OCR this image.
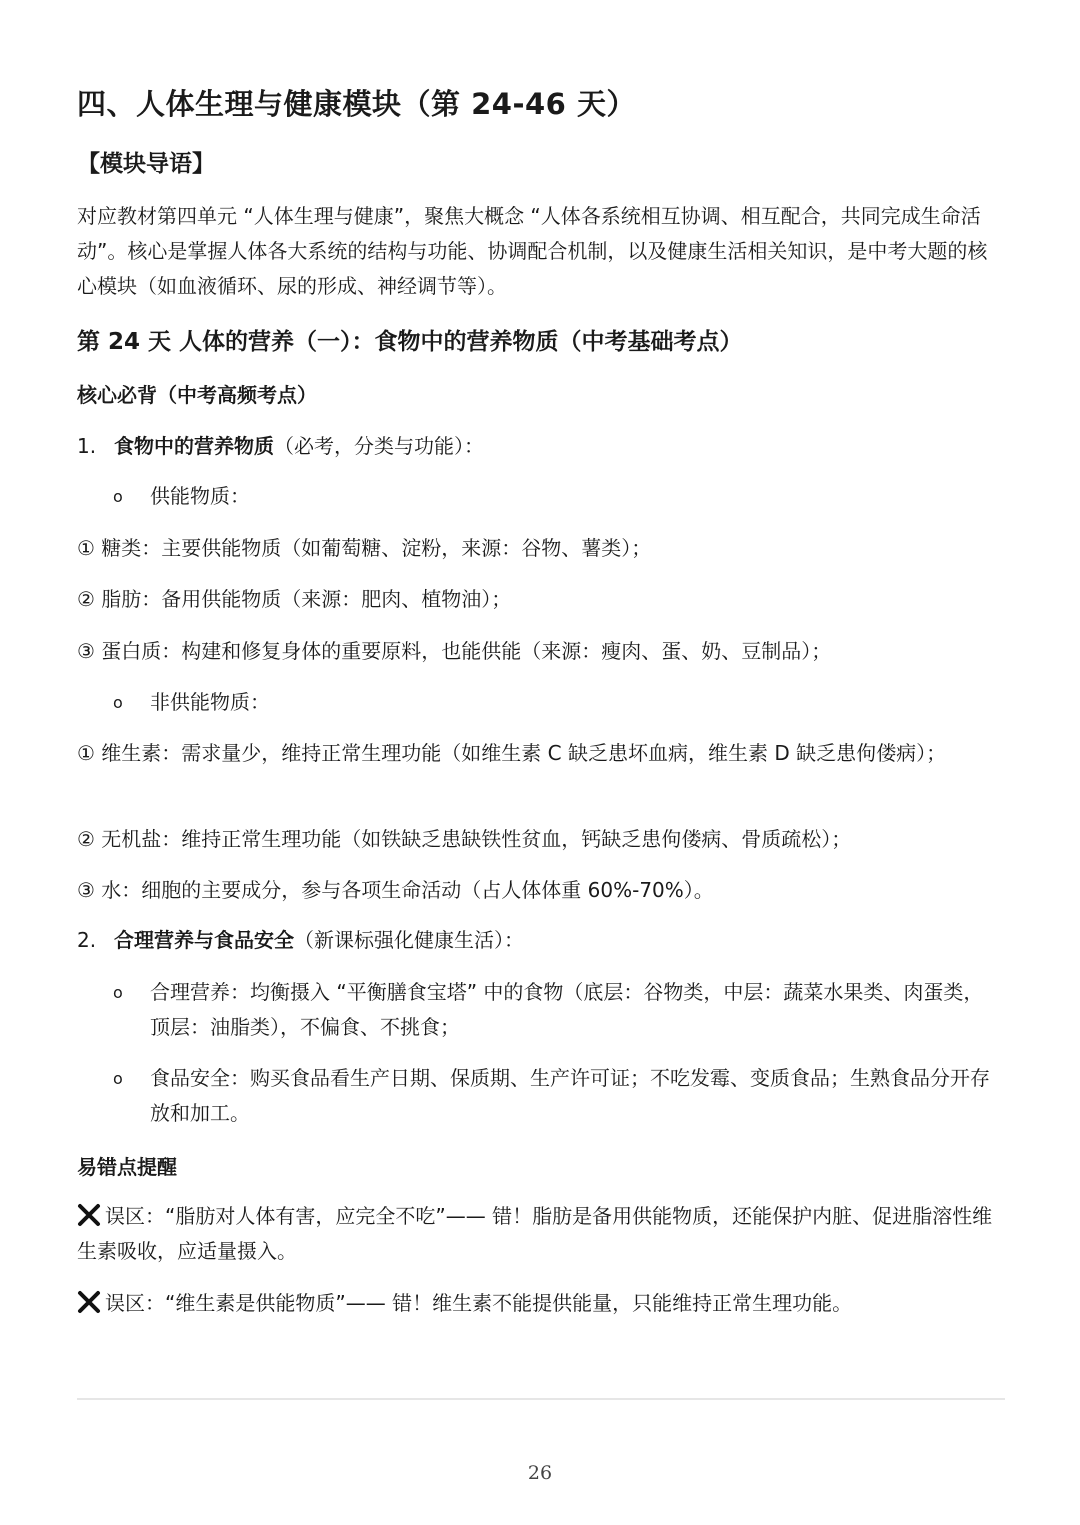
四、人体生理与健康模块（第 24-46 天）
【模块导语】
对应教材第四单元 “人体生理与健康”，聚焦大概念 “人体各系统相互协调、相互配合，共同完成生命活动”。核心是掌握人体各大系统的结构与功能、协调配合机制，以及健康生活相关知识，是中考大题的核心模块（如血液循环、尿的形成、神经调节等）。
第 24 天 人体的营养（一）：食物中的营养物质（中考基础考点）
核心必背（中考高频考点）
1. 食物中的营养物质（必考，分类与功能）：
o 供能物质：
① 糖类：主要供能物质（如葡萄糖、淀粉，来源：谷物、薯类）；
② 脂肪：备用供能物质（来源：肥肉、植物油）；
③ 蛋白质：构建和修复身体的重要原料，也能供能（来源：瘦肉、蛋、奶、豆制品）；
o 非供能物质：
① 维生素：需求量少，维持正常生理功能（如维生素 C 缺乏患坏血病，维生素 D 缺乏患佝偻病）；
② 无机盐：维持正常生理功能（如铁缺乏患缺铁性贫血，钙缺乏患佝偻病、骨质疏松）；
③ 水：细胞的主要成分，参与各项生命活动（占人体体重 60%-70%）。
2. 合理营养与食品安全（新课标强化健康生活）：
o 合理营养：均衡摄入 “平衡膳食宝塔” 中的食物（底层：谷物类，中层：蔬菜水果类、肉蛋类，顶层：油脂类），不偏食、不挑食；
o 食品安全：购买食品看生产日期、保质期、生产许可证；不吃发霉、变质食品；生熟食品分开存放和加工。
易错点提醒
误区：“脂肪对人体有害，应完全不吃”—— 错！脂肪是备用供能物质，还能保护内脏、促进脂溶性维生素吸收，应适量摄入。
误区：“维生素是供能物质”—— 错！维生素不能提供能量，只能维持正常生理功能。
26
